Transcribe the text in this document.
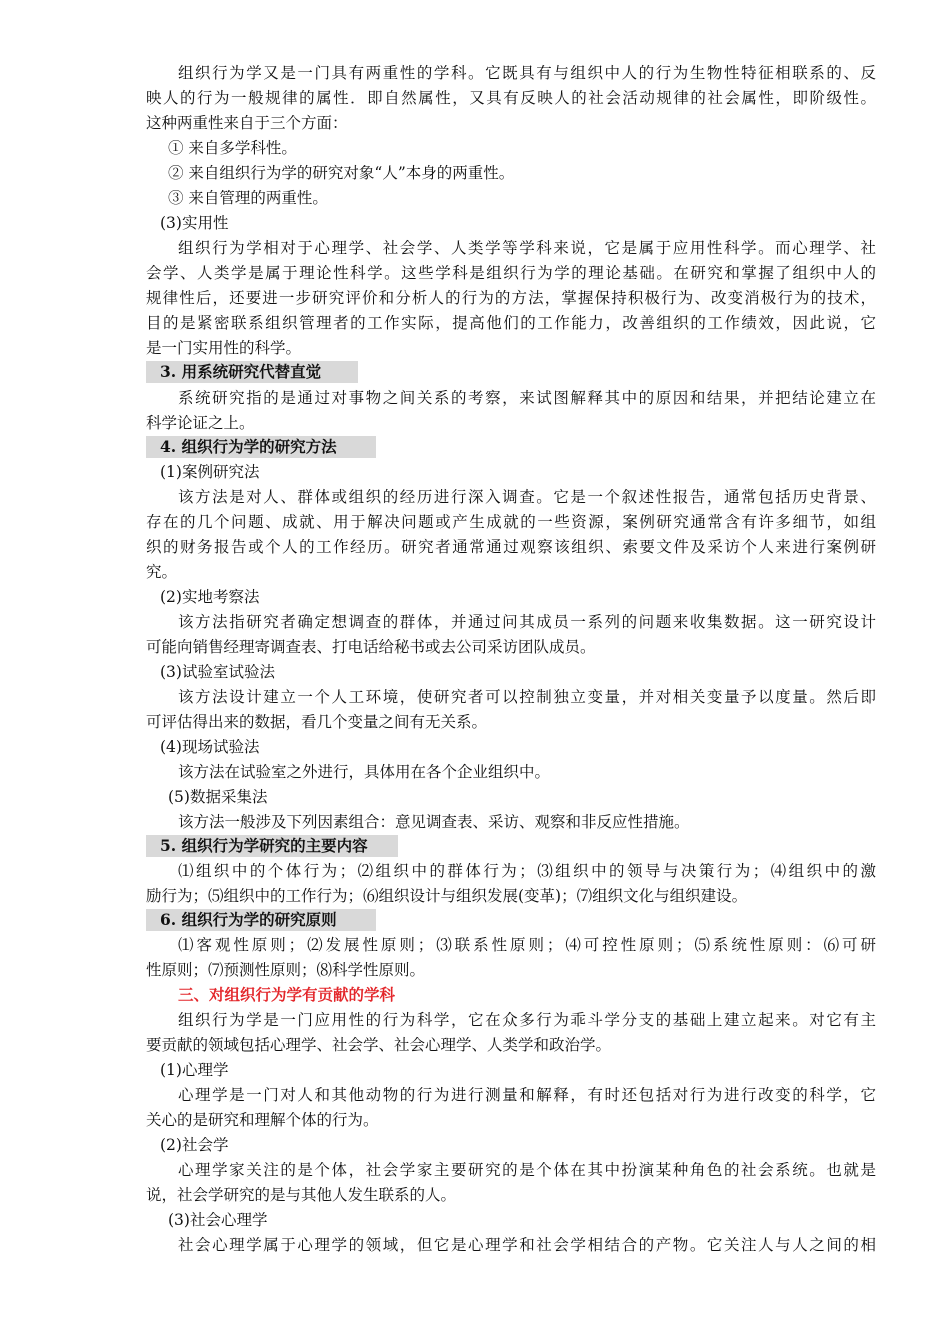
组织行为学又是一门具有两重性的学科。它既具有与组织中人的行为生物性特征相联系的、反
映人的行为一般规律的属性．即自然属性，又具有反映人的社会活动规律的社会属性，即阶级性。
这种两重性来自于三个方面：
① 来自多学科性。
② 来自组织行为学的研究对象“人”本身的两重性。
③ 来自管理的两重性。
(3)实用性
组织行为学相对于心理学、社会学、人类学等学科来说，它是属于应用性科学。而心理学、社
会学、人类学是属于理论性科学。这些学科是组织行为学的理论基础。在研究和掌握了组织中人的
规律性后，还要进一步研究评价和分析人的行为的方法，掌握保持积极行为、改变消极行为的技术，
目的是紧密联系组织管理者的工作实际，提高他们的工作能力，改善组织的工作绩效，因此说，它
是一门实用性的科学。
3. 用系统研究代替直觉
系统研究指的是通过对事物之间关系的考察，来试图解释其中的原因和结果，并把结论建立在
科学论证之上。
4. 组织行为学的研究方法
(1)案例研究法
该方法是对人、群体或组织的经历进行深入调查。它是一个叙述性报告，通常包括历史背景、
存在的几个问题、成就、用于解决问题或产生成就的一些资源，案例研究通常含有许多细节，如组
织的财务报告或个人的工作经历。研究者通常通过观察该组织、索要文件及采访个人来进行案例研
究。
(2)实地考察法
该方法指研究者确定想调查的群体，并通过问其成员一系列的问题来收集数据。这一研究设计
可能向销售经理寄调查表、打电话给秘书或去公司采访团队成员。
(3)试验室试验法
该方法设计建立一个人工环境，使研究者可以控制独立变量，并对相关变量予以度量。然后即
可评估得出来的数据，看几个变量之间有无关系。
(4)现场试验法
该方法在试验室之外进行，具体用在各个企业组织中。
(5)数据采集法
该方法一般涉及下列因素组合：意见调查表、采访、观察和非反应性措施。
5. 组织行为学研究的主要内容
⑴组织中的个体行为；⑵组织中的群体行为；⑶组织中的领导与决策行为；⑷组织中的激
励行为；⑸组织中的工作行为；⑹组织设计与组织发展(变革)；⑺组织文化与组织建设。
6. 组织行为学的研究原则
⑴客观性原则；⑵发展性原则；⑶联系性原则；⑷可控性原则；⑸系统性原则：⑹可研
性原则；⑺预测性原则；⑻科学性原则。
三、对组织行为学有贡献的学科
组织行为学是一门应用性的行为科学，它在众多行为乖斗学分支的基础上建立起来。对它有主
要贡献的领域包括心理学、社会学、社会心理学、人类学和政治学。
(1)心理学
心理学是一门对人和其他动物的行为进行测量和解释，有时还包括对行为进行改变的科学，它
关心的是研究和理解个体的行为。
(2)社会学
心理学家关注的是个体，社会学家主要研究的是个体在其中扮演某种角色的社会系统。也就是
说，社会学研究的是与其他人发生联系的人。
(3)社会心理学
社会心理学属于心理学的领域，但它是心理学和社会学相结合的产物。它关注人与人之间的相
